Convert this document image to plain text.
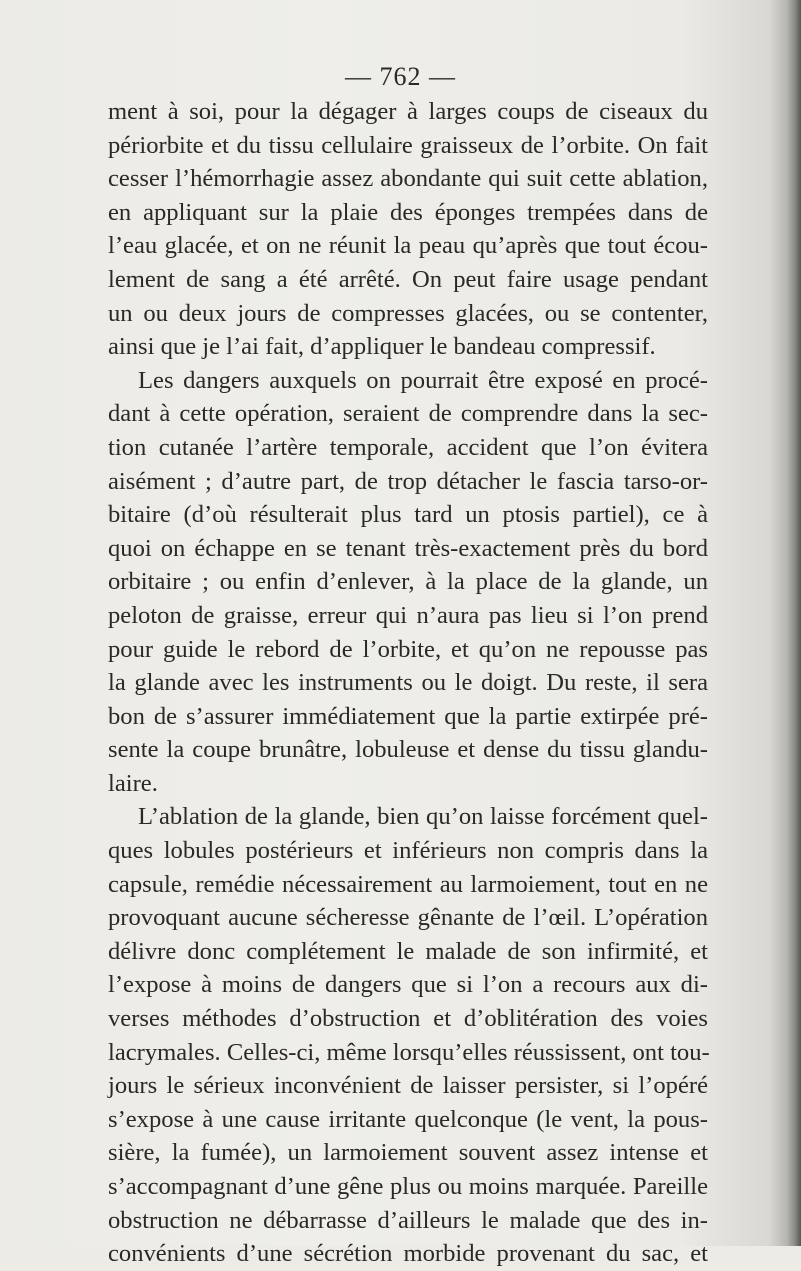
— 762 —
ment à soi, pour la dégager à larges coups de ciseaux du
périorbite et du tissu cellulaire graisseux de l’orbite. On fait
cesser l’hémorrhagie assez abondante qui suit cette ablation,
en appliquant sur la plaie des éponges trempées dans de
l’eau glacée, et on ne réunit la peau qu’après que tout écou-
lement de sang a été arrêté. On peut faire usage pendant
un ou deux jours de compresses glacées, ou se contenter,
ainsi que je l’ai fait, d’appliquer le bandeau compressif.
Les dangers auxquels on pourrait être exposé en procé-
dant à cette opération, seraient de comprendre dans la sec-
tion cutanée l’artère temporale, accident que l’on évitera
aisément ; d’autre part, de trop détacher le fascia tarso-or-
bitaire (d’où résulterait plus tard un ptosis partiel), ce à
quoi on échappe en se tenant très-exactement près du bord
orbitaire ; ou enfin d’enlever, à la place de la glande, un
peloton de graisse, erreur qui n’aura pas lieu si l’on prend
pour guide le rebord de l’orbite, et qu’on ne repousse pas
la glande avec les instruments ou le doigt. Du reste, il sera
bon de s’assurer immédiatement que la partie extirpée pré-
sente la coupe brunâtre, lobuleuse et dense du tissu glandu-
laire.
L’ablation de la glande, bien qu’on laisse forcément quel-
ques lobules postérieurs et inférieurs non compris dans la
capsule, remédie nécessairement au larmoiement, tout en ne
provoquant aucune sécheresse gênante de l’œil. L’opération
délivre donc complétement le malade de son infirmité, et
l’expose à moins de dangers que si l’on a recours aux di-
verses méthodes d’obstruction et d’oblitération des voies
lacrymales. Celles-ci, même lorsqu’elles réussissent, ont tou-
jours le sérieux inconvénient de laisser persister, si l’opéré
s’expose à une cause irritante quelconque (le vent, la pous-
sière, la fumée), un larmoiement souvent assez intense et
s’accompagnant d’une gêne plus ou moins marquée. Pareille
obstruction ne débarrasse d’ailleurs le malade que des in-
convénients d’une sécrétion morbide provenant du sac, et
